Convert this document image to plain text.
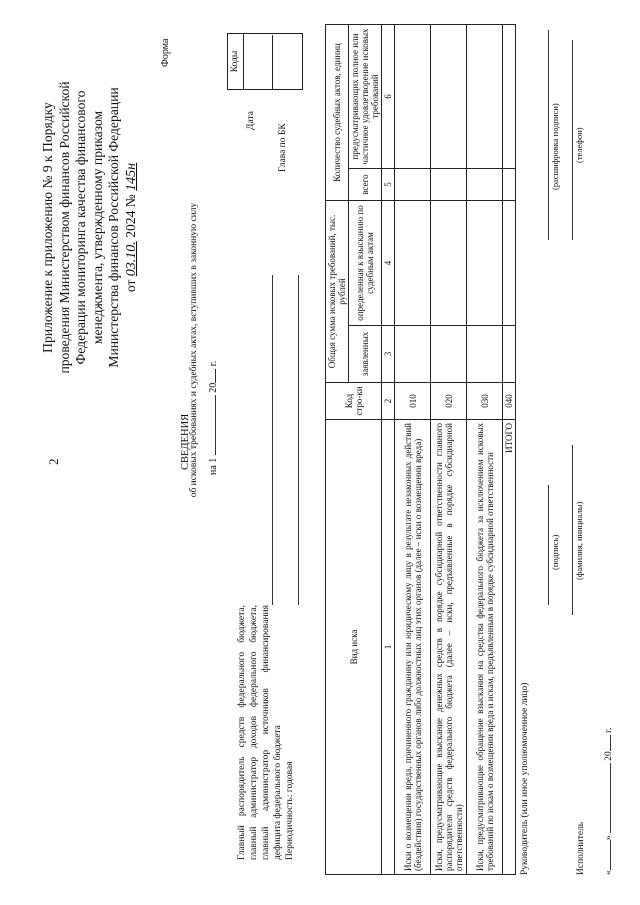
2
Приложение к приложению № 9 к Порядку проведения Министерством финансов Российской Федерации мониторинга качества финансового менеджмента, утвержденному приказом Министерства финансов Российской Федерации от 03.10. 2024 № 145н
Форма
СВЕДЕНИЯ
об исковых требованиях и судебных актах, вступивших в законную силу на 1  20 г.
Коды
Дата
Глава по БК
Главный распорядитель средств федерального бюджета, главный администратор доходов федерального бюджета, главный администратор источников финансирования дефицита федерального бюджета Периодичность: годовая
Вид иска	Код стро-ки	Общая сумма исковых требований, тыс. рублей		Количество судебных актов, единиц	
		заявленных	определенная к взысканию по судебным актам	всего	предусматривающих полное или частичное удовлетворение исковых требований
1	2	3	4	5	6
Иски о возмещении вреда, причиненного гражданину или юридическому лицу в результате незаконных действий (бездействия) государственных органов либо должностных лиц этих органов (далее – иски о возмещении вреда)	010				
Иски, предусматривающие взыскание денежных средств в порядке субсидиарной ответственности главного распорядителя средств федерального бюджета (далее – иски, предъявленные в порядке субсидиарной ответственности)	020				
Иски, предусматривающие обращение взыскания на средства федерального бюджета за исключением исковых требований по искам о возмещении вреда и искам, предъявленным в порядке субсидиарной ответственности	030				
ИТОГО	040				
Руководитель (или иное уполномоченное лицо)
(подпись)
(расшифровка подписи)
Исполнитель
(фамилия, инициалы)
(телефон)
«»  20 г.
